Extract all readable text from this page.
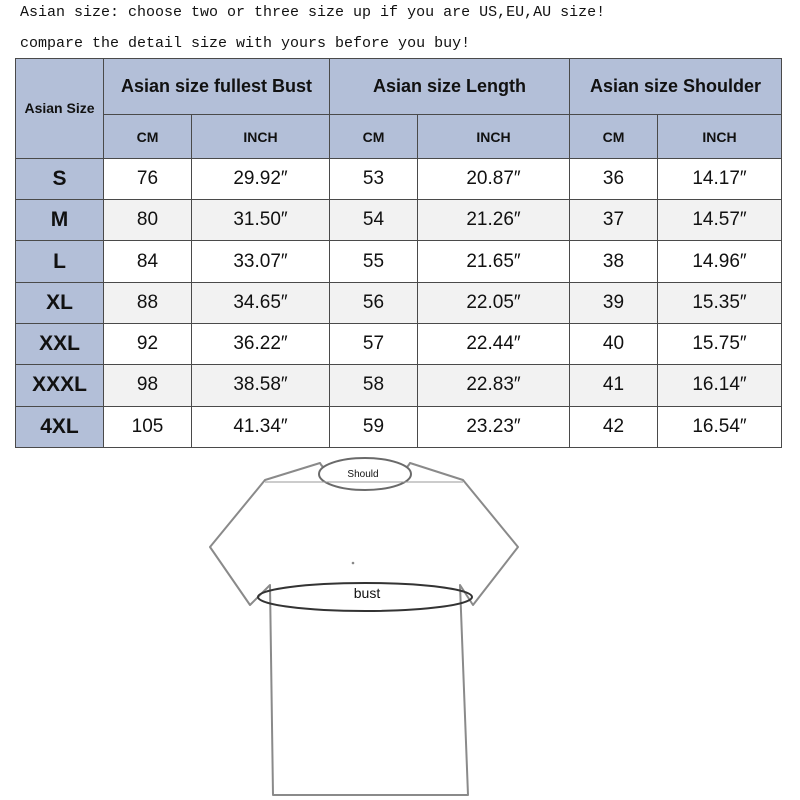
Asian size: choose two or three size up if you are US,EU,AU size!
compare the detail size with yours before you buy!
Asian Size	Asian size fullest Bust		Asian size Length		Asian size Shoulder	
	CM	INCH	CM	INCH	CM	INCH
S	76	29.92″	53	20.87″	36	14.17″
M	80	31.50″	54	21.26″	37	14.57″
L	84	33.07″	55	21.65″	38	14.96″
XL	88	34.65″	56	22.05″	39	15.35″
XXL	92	36.22″	57	22.44″	40	15.75″
XXXL	98	38.58″	58	22.83″	41	16.14″
4XL	105	41.34″	59	23.23″	42	16.54″
Should
bust
